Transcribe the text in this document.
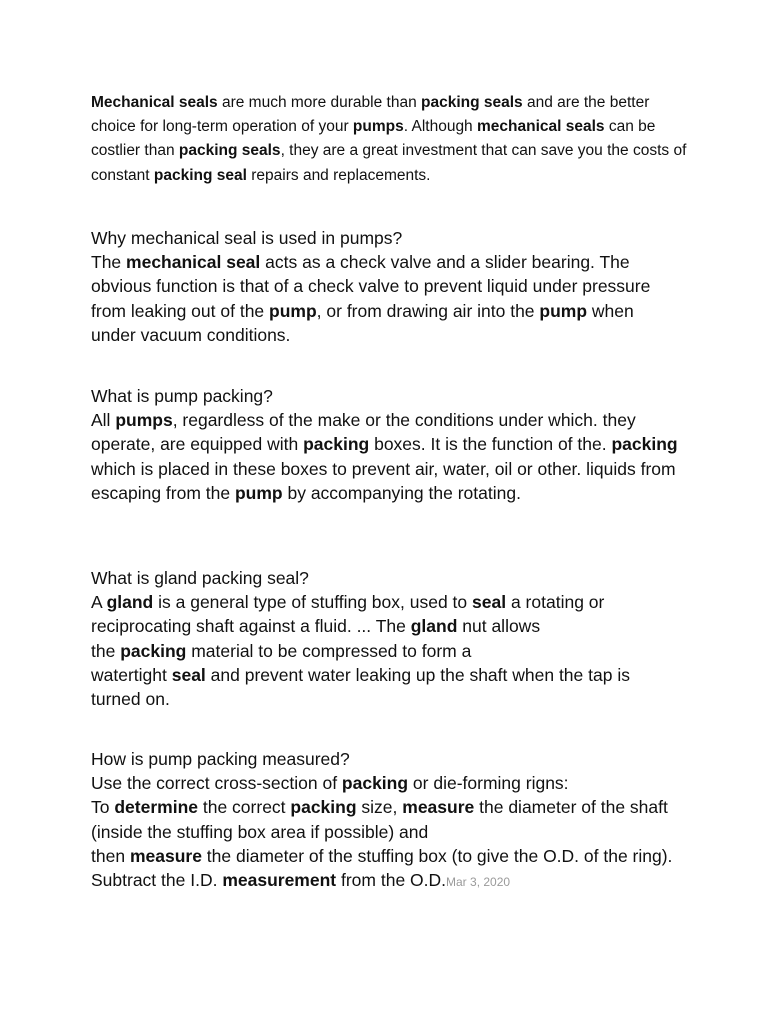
Mechanical seals are much more durable than packing seals and are the better choice for long-term operation of your pumps. Although mechanical seals can be costlier than packing seals, they are a great investment that can save you the costs of constant packing seal repairs and replacements.

Why mechanical seal is used in pumps?
The mechanical seal acts as a check valve and a slider bearing. The obvious function is that of a check valve to prevent liquid under pressure from leaking out of the pump, or from drawing air into the pump when under vacuum conditions.
What is pump packing?
All pumps, regardless of the make or the conditions under which. they operate, are equipped with packing boxes. It is the function of the. packing which is placed in these boxes to prevent air, water, oil or other. liquids from escaping from the pump by accompanying the rotating.
What is gland packing seal?
A gland is a general type of stuffing box, used to seal a rotating or reciprocating shaft against a fluid. ... The gland nut allows
the packing material to be compressed to form a
watertight seal and prevent water leaking up the shaft when the tap is turned on.
How is pump packing measured?
Use the correct cross-section of packing or die-forming rigns:
To determine the correct packing size, measure the diameter of the shaft (inside the stuffing box area if possible) and
then measure the diameter of the stuffing box (to give the O.D. of the ring). Subtract the I.D. measurement from the O.D.Mar 3, 2020
